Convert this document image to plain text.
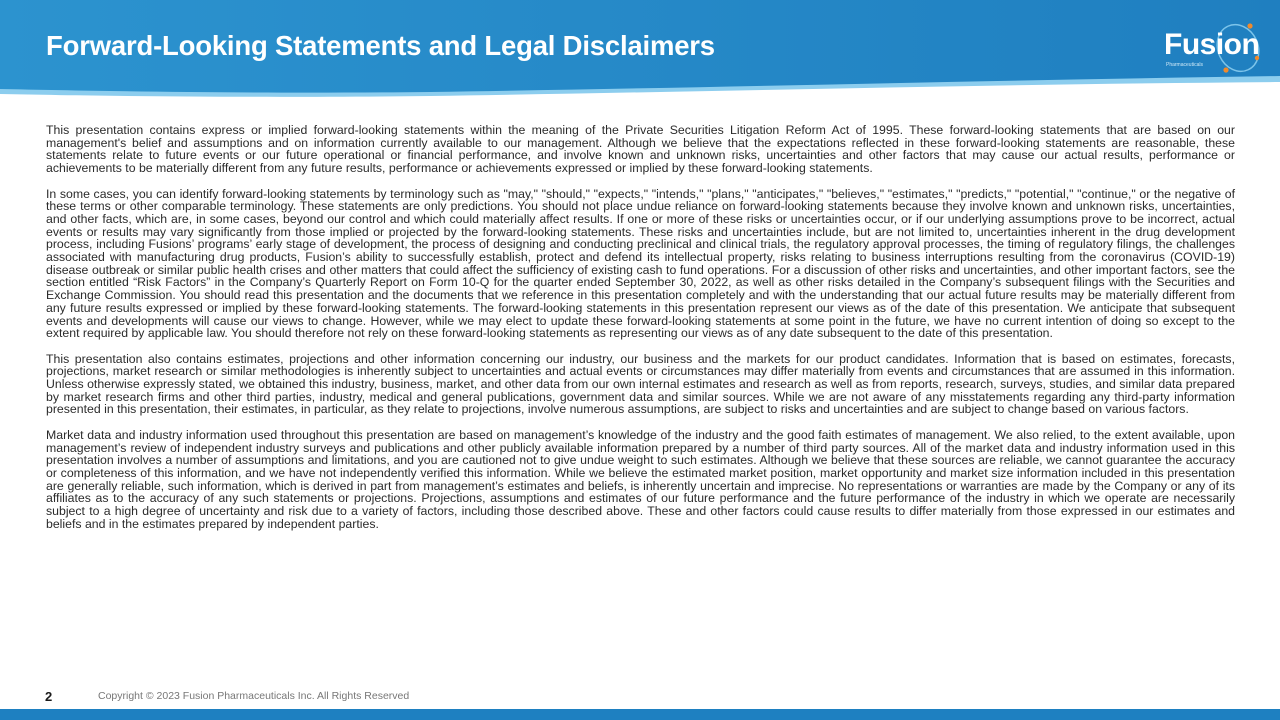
Forward-Looking Statements and Legal Disclaimers	Fusion
Pharmaceuticals

This presentation contains express or implied forward-looking statements within the meaning of the Private Securities Litigation Reform Act of 1995. These forward-looking statements that are based on our management's belief and assumptions and on information currently available to our management. Although we believe that the expectations reflected in these forward-looking statements are reasonable, these statements relate to future events or our future operational or financial performance, and involve known and unknown risks, uncertainties and other factors that may cause our actual results, performance or achievements to be materially different from any future results, performance or achievements expressed or implied by these forward-looking statements.

In some cases, you can identify forward-looking statements by terminology such as "may," "should," "expects," "intends," "plans," "anticipates," "believes," "estimates," "predicts," "potential," "continue," or the negative of these terms or other comparable terminology. These statements are only predictions. You should not place undue reliance on forward-looking statements because they involve known and unknown risks, uncertainties, and other facts, which are, in some cases, beyond our control and which could materially affect results. If one or more of these risks or uncertainties occur, or if our underlying assumptions prove to be incorrect, actual events or results may vary significantly from those implied or projected by the forward-looking statements. These risks and uncertainties include, but are not limited to, uncertainties inherent in the drug development process, including Fusions’ programs’ early stage of development, the process of designing and conducting preclinical and clinical trials, the regulatory approval processes, the timing of regulatory filings, the challenges associated with manufacturing drug products, Fusion’s ability to successfully establish, protect and defend its intellectual property, risks relating to business interruptions resulting from the coronavirus (COVID-19) disease outbreak or similar public health crises and other matters that could affect the sufficiency of existing cash to fund operations. For a discussion of other risks and uncertainties, and other important factors, see the section entitled “Risk Factors” in the Company’s Quarterly Report on Form 10-Q for the quarter ended September 30, 2022, as well as other risks detailed in the Company’s subsequent filings with the Securities and Exchange Commission. You should read this presentation and the documents that we reference in this presentation completely and with the understanding that our actual future results may be materially different from any future results expressed or implied by these forward-looking statements. The forward-looking statements in this presentation represent our views as of the date of this presentation. We anticipate that subsequent events and developments will cause our views to change. However, while we may elect to update these forward-looking statements at some point in the future, we have no current intention of doing so except to the extent required by applicable law. You should therefore not rely on these forward-looking statements as representing our views as of any date subsequent to the date of this presentation.

This presentation also contains estimates, projections and other information concerning our industry, our business and the markets for our product candidates. Information that is based on estimates, forecasts, projections, market research or similar methodologies is inherently subject to uncertainties and actual events or circumstances may differ materially from events and circumstances that are assumed in this information. Unless otherwise expressly stated, we obtained this industry, business, market, and other data from our own internal estimates and research as well as from reports, research, surveys, studies, and similar data prepared by market research firms and other third parties, industry, medical and general publications, government data and similar sources. While we are not aware of any misstatements regarding any third-party information presented in this presentation, their estimates, in particular, as they relate to projections, involve numerous assumptions, are subject to risks and uncertainties and are subject to change based on various factors.

Market data and industry information used throughout this presentation are based on management’s knowledge of the industry and the good faith estimates of management. We also relied, to the extent available, upon management’s review of independent industry surveys and publications and other publicly available information prepared by a number of third party sources. All of the market data and industry information used in this presentation involves a number of assumptions and limitations, and you are cautioned not to give undue weight to such estimates. Although we believe that these sources are reliable, we cannot guarantee the accuracy or completeness of this information, and we have not independently verified this information. While we believe the estimated market position, market opportunity and market size information included in this presentation are generally reliable, such information, which is derived in part from management’s estimates and beliefs, is inherently uncertain and imprecise. No representations or warranties are made by the Company or any of its affiliates as to the accuracy of any such statements or projections. Projections, assumptions and estimates of our future performance and the future performance of the industry in which we operate are necessarily subject to a high degree of uncertainty and risk due to a variety of factors, including those described above. These and other factors could cause results to differ materially from those expressed in our estimates and beliefs and in the estimates prepared by independent parties.

2	Copyright © 2023 Fusion Pharmaceuticals Inc. All Rights Reserved
